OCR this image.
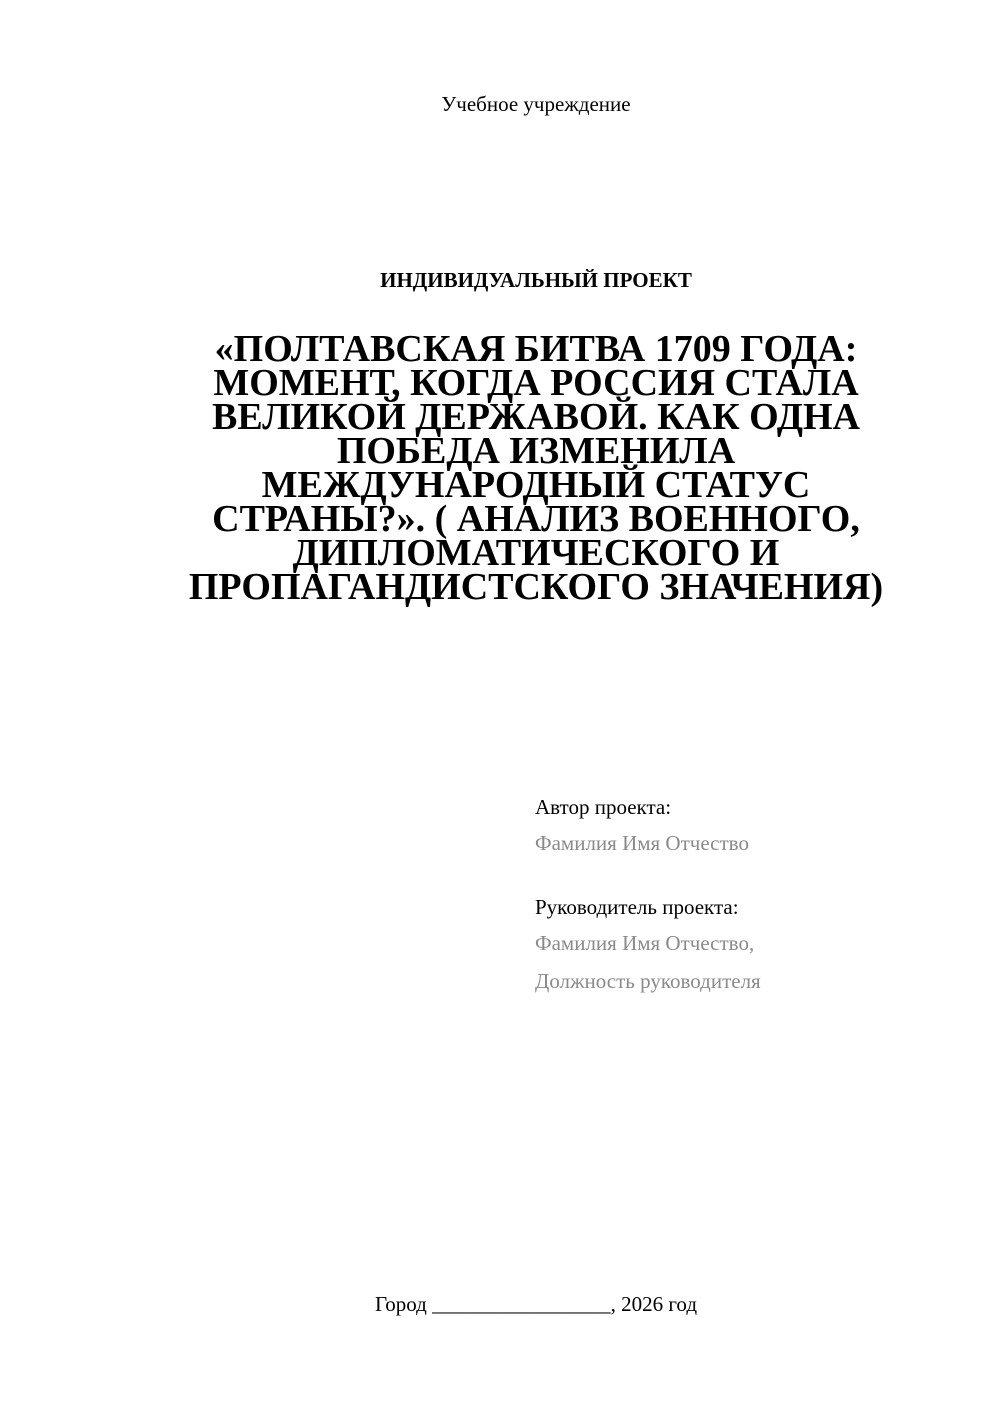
Учебное учреждение
ИНДИВИДУАЛЬНЫЙ ПРОЕКТ
«ПОЛТАВСКАЯ БИТВА 1709 ГОДА:
МОМЕНТ, КОГДА РОССИЯ СТАЛА
ВЕЛИКОЙ ДЕРЖАВОЙ. КАК ОДНА
ПОБЕДА ИЗМЕНИЛА
МЕЖДУНАРОДНЫЙ СТАТУС
СТРАНЫ?». ( АНАЛИЗ ВОЕННОГО,
ДИПЛОМАТИЧЕСКОГО И
ПРОПАГАНДИСТСКОГО ЗНАЧЕНИЯ)
Автор проекта:
Фамилия Имя Отчество
Руководитель проекта:
Фамилия Имя Отчество,
Должность руководителя
Город _________________, 2026 год
